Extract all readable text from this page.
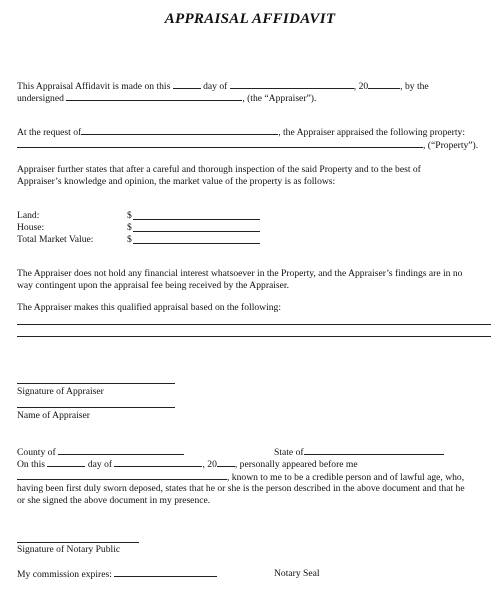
APPRAISAL AFFIDAVIT
This Appraisal Affidavit is made on this	day of	, 20	, by the
undersigned	, (the “Appraiser”).
At the request of	, the Appraiser appraised the following property:
, (“Property”).
Appraiser further states that after a careful and thorough inspection of the said Property and to the best of
Appraiser’s knowledge and opinion, the market value of the property is as follows:
Land:	$
House:	$
Total Market Value:	$
The Appraiser does not hold any financial interest whatsoever in the Property, and the Appraiser’s findings are in no
way contingent upon the appraisal fee being received by the Appraiser.
The Appraiser makes this qualified appraisal based on the following:
Signature of Appraiser
Name of Appraiser
County of	State of
On this	day of	, 20 , personally appeared before me
, known to me to be a credible person and of lawful age, who,
having been first duly sworn deposed, states that he or she is the person described in the above document and that he
or she signed the above document in my presence.
Signature of Notary Public
My commission expires:	Notary Seal
